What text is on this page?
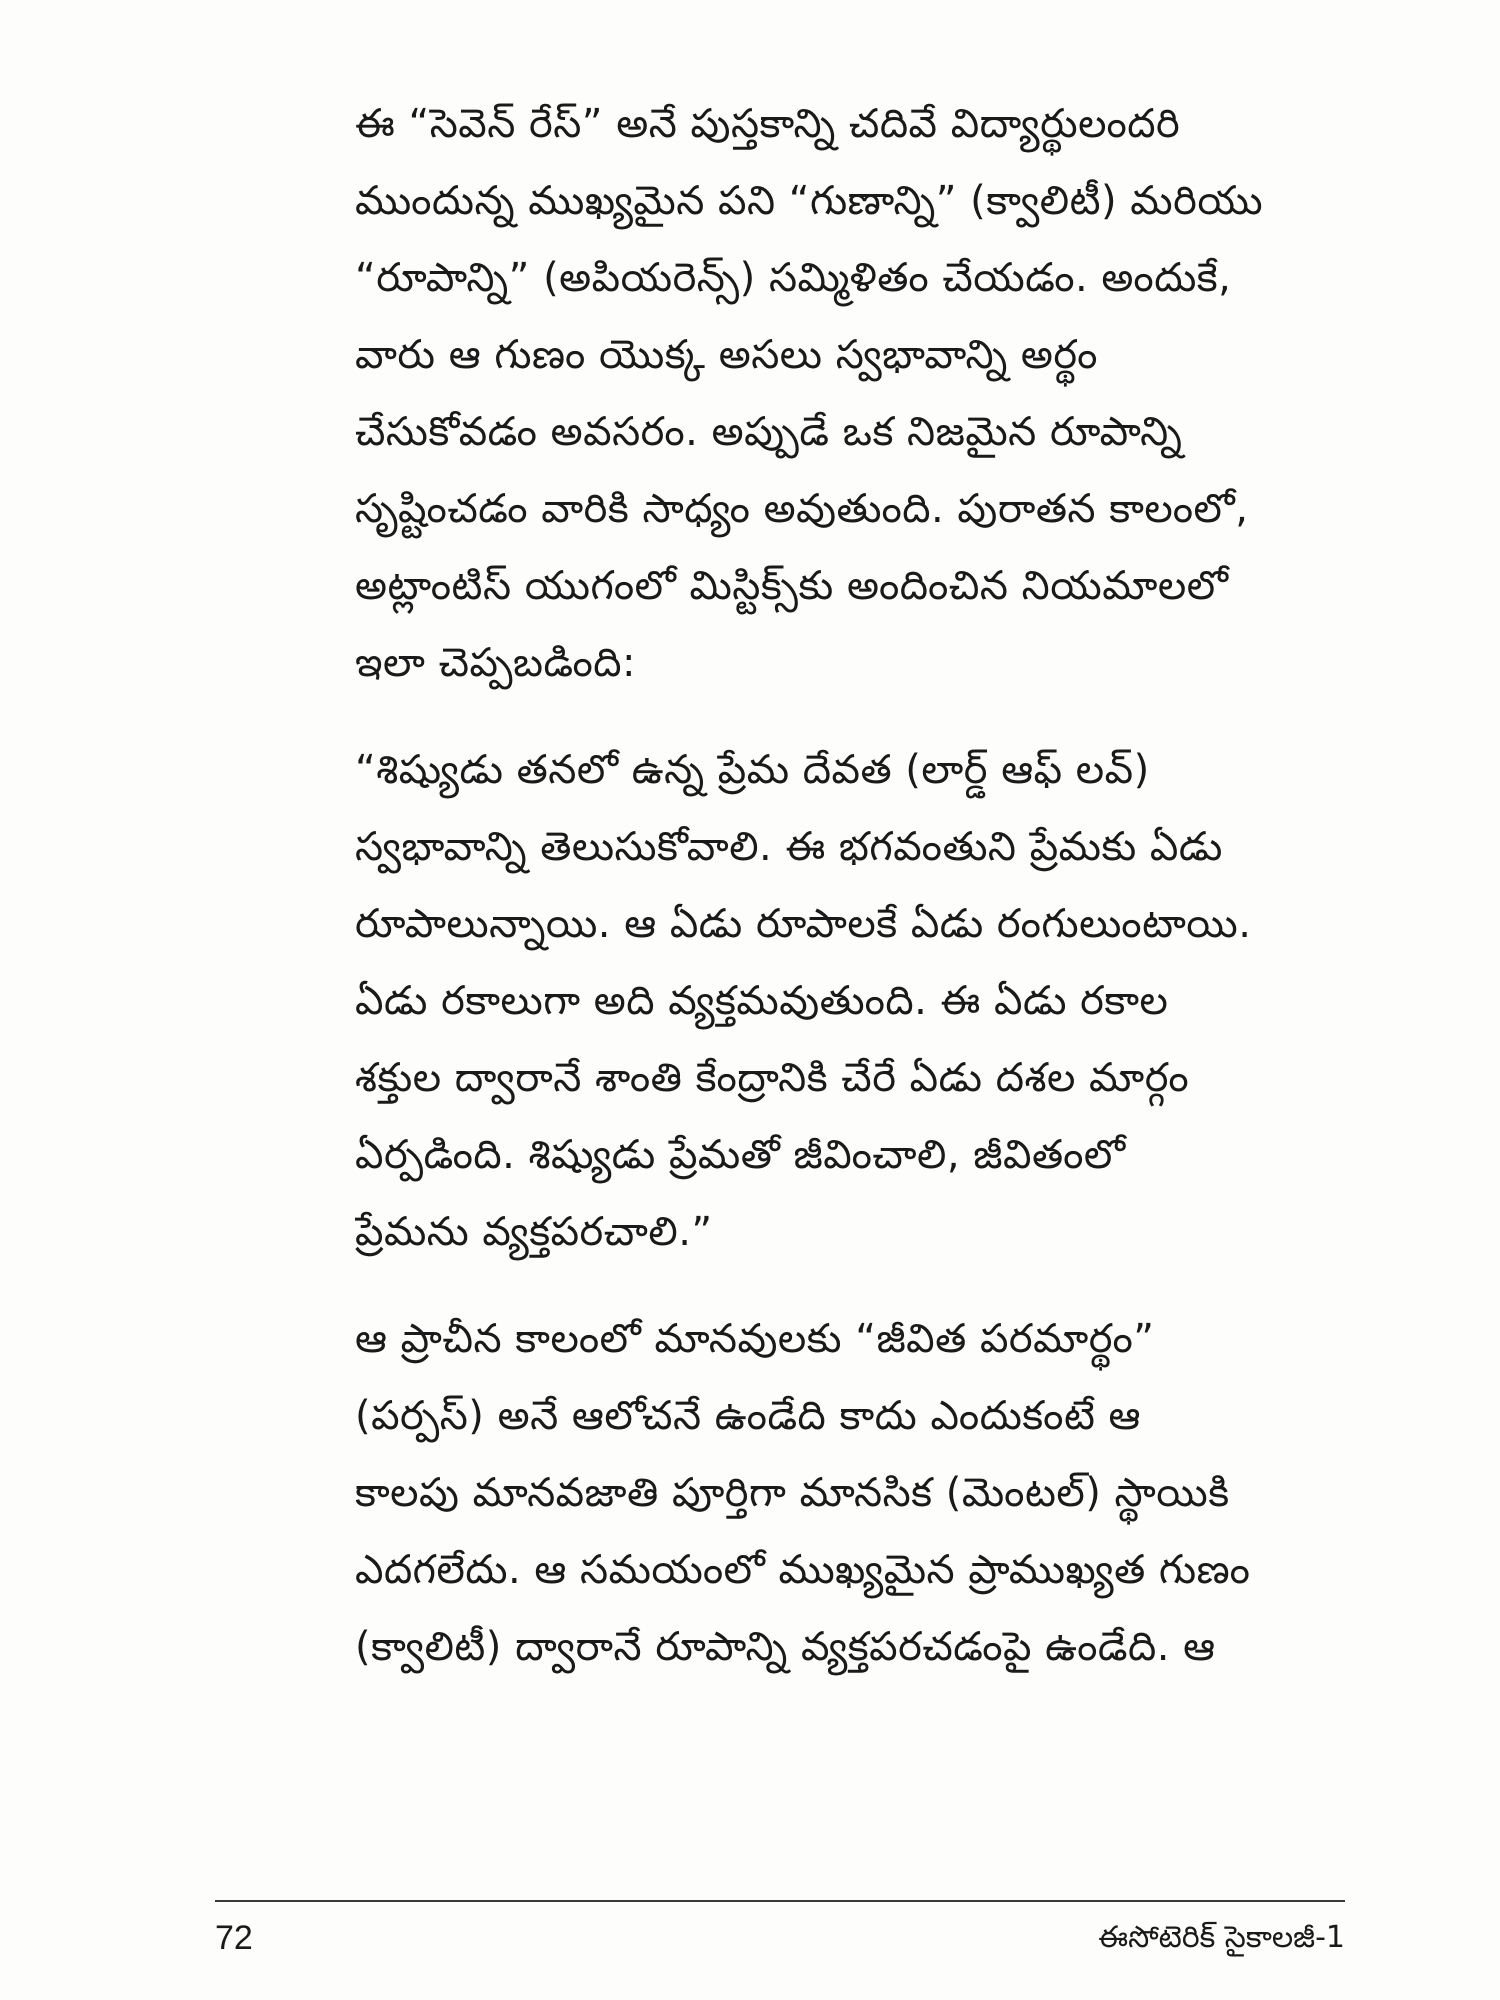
ఈ “సెవెన్ రేస్” అనే పుస్తకాన్ని చదివే విద్యార్థులందరి
ముందున్న ముఖ్యమైన పని “గుణాన్ని” (క్వాలిటీ) మరియు
“రూపాన్ని” (అపియరెన్స్) సమ్మిళితం చేయడం. అందుకే,
వారు ఆ గుణం యొక్క అసలు స్వభావాన్ని అర్థం
చేసుకోవడం అవసరం. అప్పుడే ఒక నిజమైన రూపాన్ని
సృష్టించడం వారికి సాధ్యం అవుతుంది. పురాతన కాలంలో,
అట్లాంటిస్ యుగంలో మిస్టిక్స్‌కు అందించిన నియమాలలో
ఇలా చెప్పబడింది:
“శిష్యుడు తనలో ఉన్న ప్రేమ దేవత (లార్డ్ ఆఫ్ లవ్)
స్వభావాన్ని తెలుసుకోవాలి. ఈ భగవంతుని ప్రేమకు ఏడు
రూపాలున్నాయి. ఆ ఏడు రూపాలకే ఏడు రంగులుంటాయి.
ఏడు రకాలుగా అది వ్యక్తమవుతుంది. ఈ ఏడు రకాల
శక్తుల ద్వారానే శాంతి కేంద్రానికి చేరే ఏడు దశల మార్గం
ఏర్పడింది. శిష్యుడు ప్రేమతో జీవించాలి, జీవితంలో
ప్రేమను వ్యక్తపరచాలి.”
ఆ ప్రాచీన కాలంలో మానవులకు “జీవిత పరమార్థం”
(పర్పస్) అనే ఆలోచనే ఉండేది కాదు ఎందుకంటే ఆ
కాలపు మానవజాతి పూర్తిగా మానసిక (మెంటల్) స్థాయికి
ఎదగలేదు. ఆ సమయంలో ముఖ్యమైన ప్రాముఖ్యత గుణం
(క్వాలిటీ) ద్వారానే రూపాన్ని వ్యక్తపరచడంపై ఉండేది. ఆ
72	ఈసోటెరిక్ సైకాలజీ-1
